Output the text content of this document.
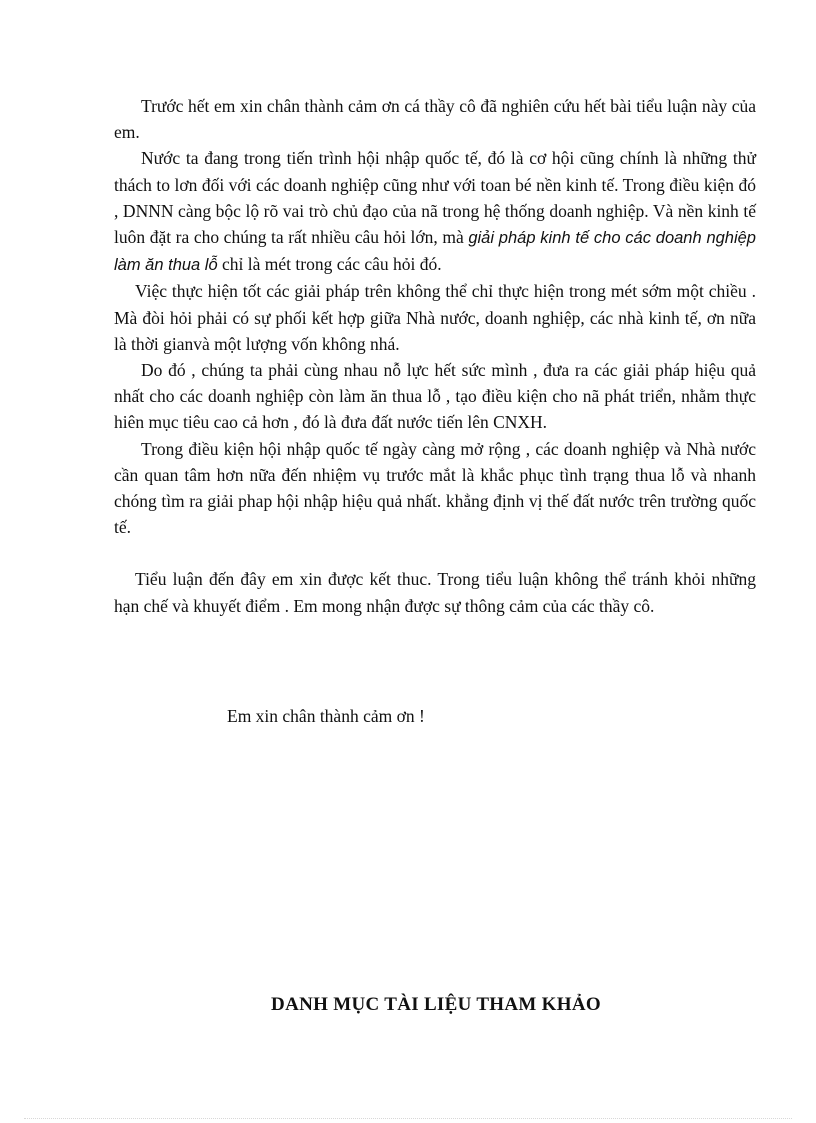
Trước hết em xin chân thành cảm ơn cá thầy cô đã nghiên cứu hết bài tiểu luận này của em.

Nước ta đang trong tiến trình hội nhập quốc tế, đó là cơ hội cũng chính là những thử thách to lơn đối với các doanh nghiệp cũng như với toan bé nền kinh tế. Trong điều kiện đó , DNNN càng bộc lộ rõ vai trò chủ đạo của nã trong hệ thống doanh nghiệp. Và nền kinh tế luôn đặt ra cho chúng ta rất nhiều câu hỏi lớn, mà giải pháp kinh tế cho các doanh nghiệp làm ăn thua lỗ chỉ là mét trong các câu hỏi đó.

Việc thực hiện tốt các giải pháp trên không thể chỉ thực hiện trong mét sớm một chiều . Mà đòi hỏi phải có sự phối kết hợp giữa Nhà nước, doanh nghiệp, các nhà kinh tế, ơn nữa là thời gianvà một lượng vốn không nhá.

Do đó , chúng ta phải cùng nhau nỗ lực hết sức mình , đưa ra các giải pháp hiệu quả nhất cho các doanh nghiệp còn làm ăn thua lỗ , tạo điều kiện cho nã phát triển, nhằm thực hiên mục tiêu cao cả hơn , đó là đưa đất nước tiến lên CNXH.

Trong điều kiện hội nhập quốc tế ngày càng mở rộng , các doanh nghiệp và Nhà nước cần quan tâm hơn nữa đến nhiệm vụ trước mắt là khắc phục tình trạng thua lỗ và nhanh chóng tìm ra giải phap hội nhập hiệu quả nhất. khẳng định vị thế đất nước trên trường quốc tế.

Tiểu luận đến đây em xin được kết thuc. Trong tiểu luận không thể tránh khỏi những hạn chế và khuyết điểm . Em mong nhận được sự thông cảm của các thầy cô.

Em xin chân thành cảm ơn !
DANH MỤC TÀI LIỆU THAM KHẢO
